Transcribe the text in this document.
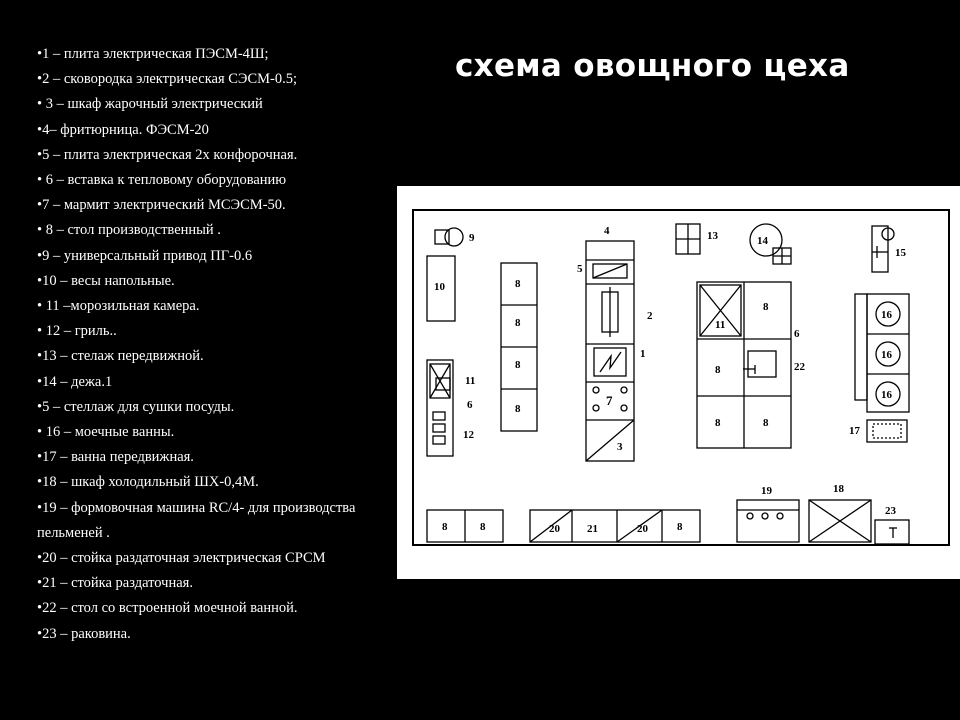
•1 – плита электрическая ПЭСМ-4Ш;
•2 – сковородка электрическая СЭСМ-0.5;
• 3 – шкаф жарочный электрический
•4– фритюрница. ФЭСМ-20
•5 – плита электрическая 2х конфорочная.
• 6 – вставка к тепловому оборудованию
•7 – мармит электрический МСЭСМ-50.
• 8 – стол производственный .
•9 – универсальный привод ПГ-0.6
•10 – весы напольные.
• 11 –морозильная камера.
• 12 – гриль..
•13 – стелаж передвижной.
•14 – дежа.1
•5 – стеллаж для сушки посуды.
• 16 – моечные ванны.
•17 – ванна передвижная.
•18 – шкаф холодильный ШХ-0,4М.
•19 – формовочная машина RC/4- для производства пельменей .
•20 – стойка раздаточная электрическая СРСМ
•21 – стойка раздаточная.
•22 – стол со встроенной моечной ванной.
•23 – раковина.
схема овощного цеха
9
10
11
6
12
8
8
8
8
4
5
2
1
7
3
13	14
15
11
8
8
8	8
6
22
16
16
16
17
8	8	20 21	20	8
19	18
23
